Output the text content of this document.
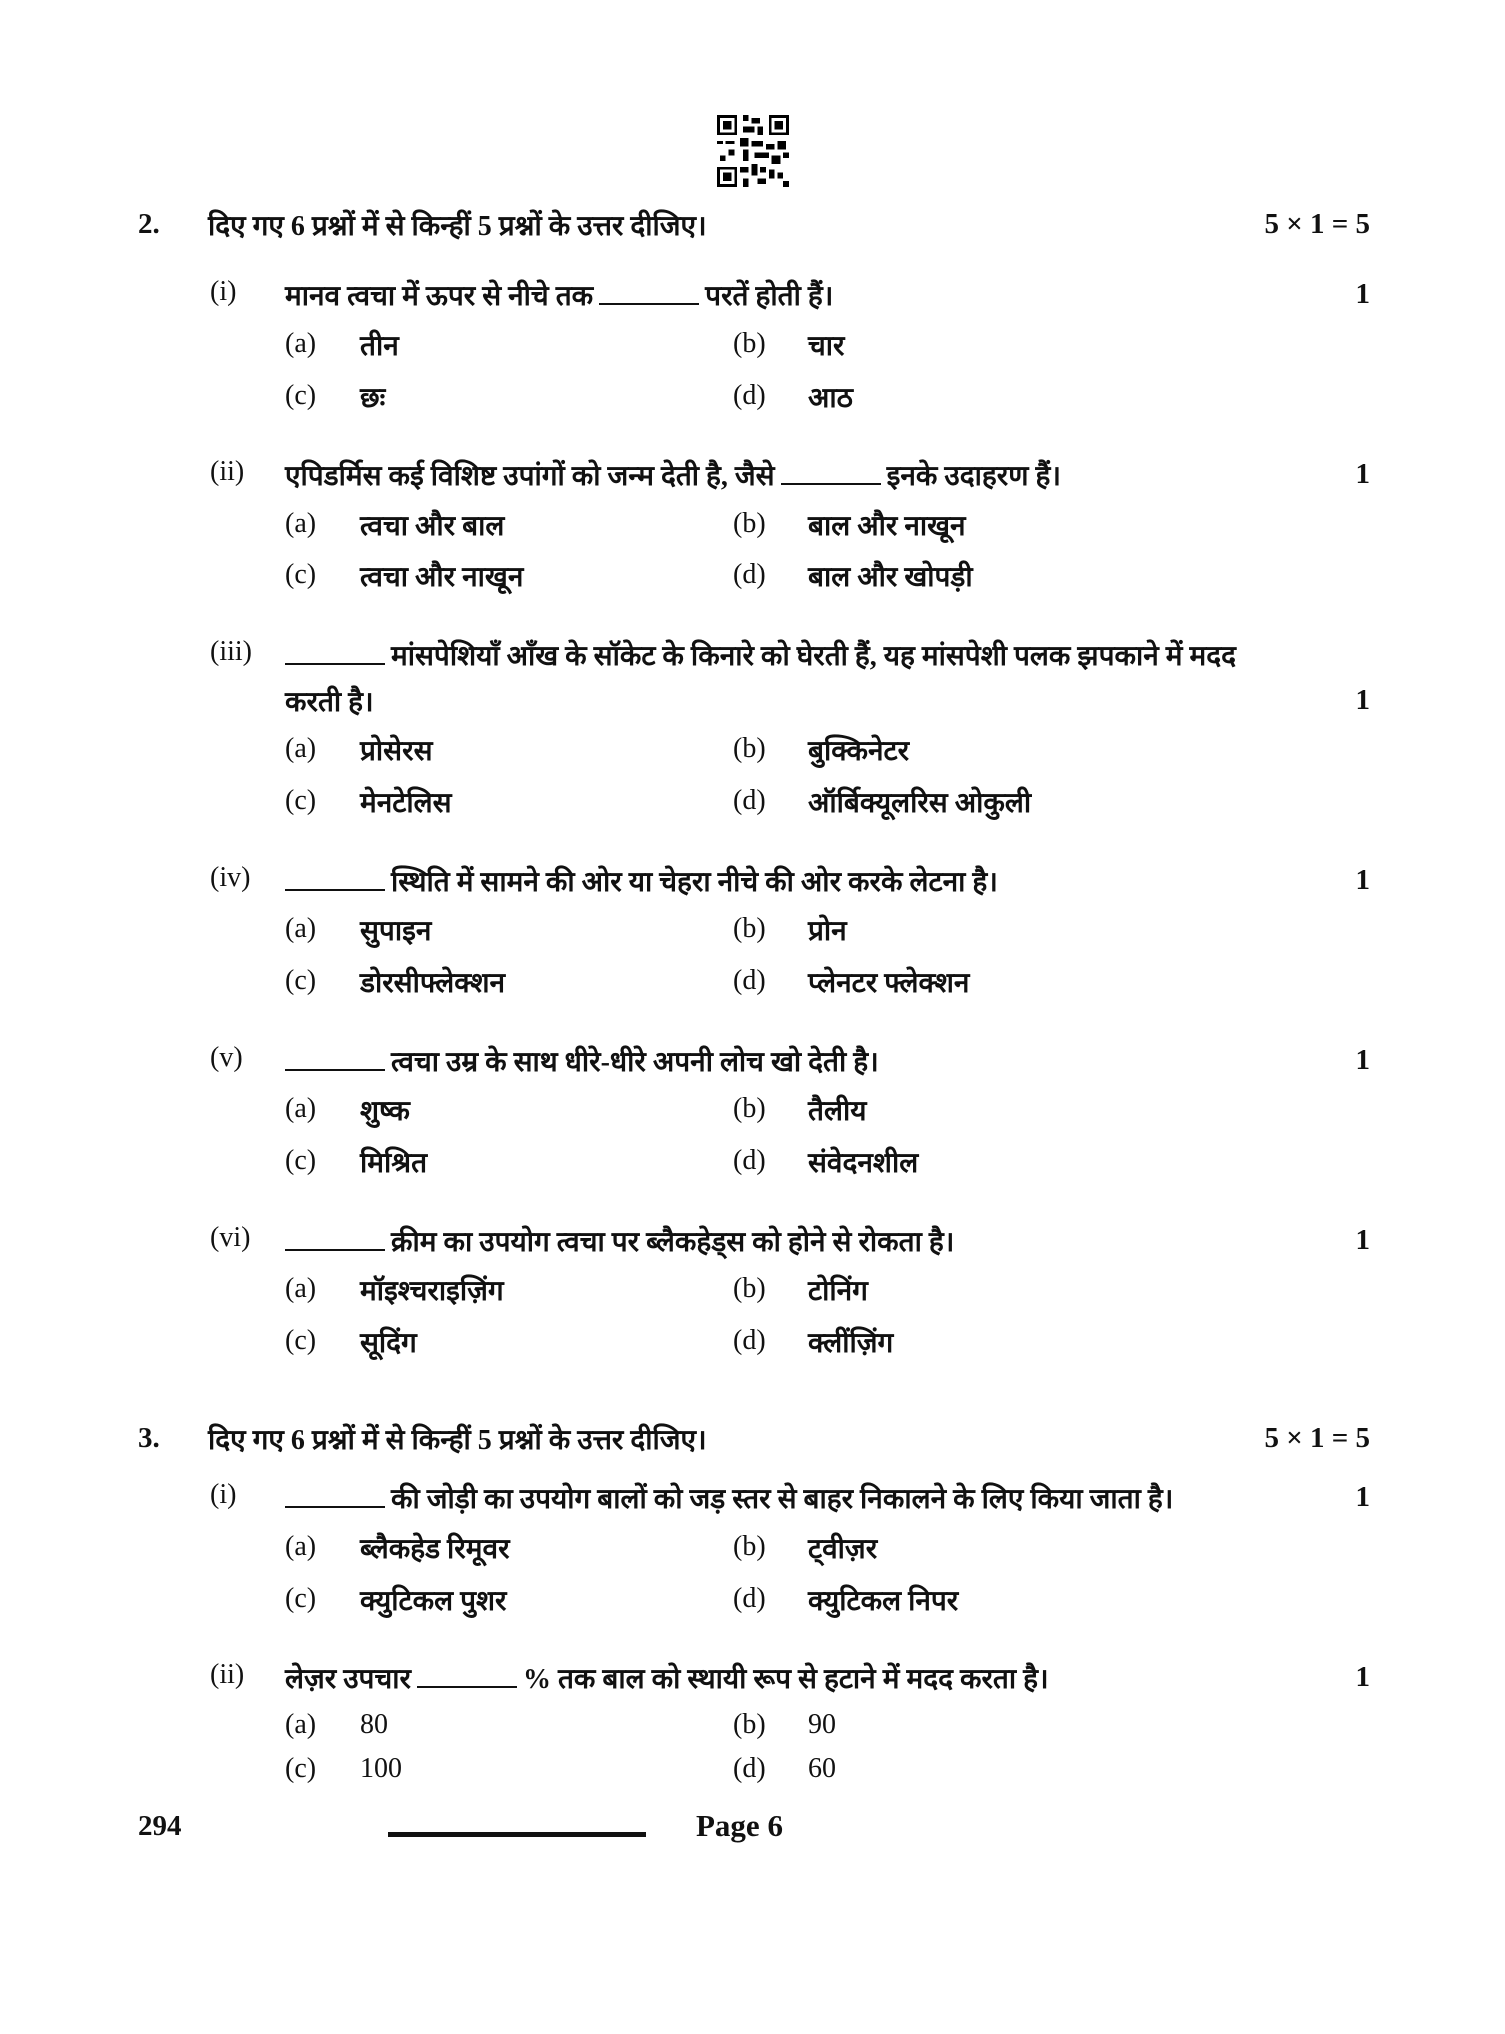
2. दिए गए 6 प्रश्नों में से किन्हीं 5 प्रश्नों के उत्तर दीजिए।	5 × 1 = 5
(i) मानव त्वचा में ऊपर से नीचे तक	परतें होती हैं।	1
(a) तीन	(b) चार
(c) छः	(d) आठ
(ii) एपिडर्मिस कई विशिष्ट उपांगों को जन्म देती है, जैसे	इनके उदाहरण हैं।	1
(a) त्वचा और बाल	(b) बाल और नाखून
(c) त्वचा और नाखून	(d) बाल और खोपड़ी
(iii)	मांसपेशियाँ आँख के सॉकेट के किनारे को घेरती हैं, यह मांसपेशी पलक झपकाने में मदद
करती है।	1
(a) प्रोसेरस	(b) बुक्किनेटर
(c) मेनटेलिस	(d) ऑर्बिक्यूलरिस ओकुली
(iv)	स्थिति में सामने की ओर या चेहरा नीचे की ओर करके लेटना है।	1
(a) सुपाइन	(b) प्रोन
(c) डोरसीफ्लेक्शन	(d) प्लेनटर फ्लेक्शन
(v)	त्वचा उम्र के साथ धीरे-धीरे अपनी लोच खो देती है।	1
(a) शुष्क	(b) तैलीय
(c) मिश्रित	(d) संवेदनशील
(vi)	क्रीम का उपयोग त्वचा पर ब्लैकहेड्स को होने से रोकता है।	1
(a) मॉइश्चराइज़िंग	(b) टोनिंग
(c) सूदिंग	(d) क्लींज़िंग
3. दिए गए 6 प्रश्नों में से किन्हीं 5 प्रश्नों के उत्तर दीजिए।	5 × 1 = 5
(i)	की जोड़ी का उपयोग बालों को जड़ स्तर से बाहर निकालने के लिए किया जाता है।	1
(a) ब्लैकहेड रिमूवर	(b) ट्वीज़र
(c) क्युटिकल पुशर	(d) क्युटिकल निपर
(ii) लेज़र उपचार	% तक बाल को स्थायी रूप से हटाने में मदद करता है।	1
(a) 80	(b) 90
(c) 100	(d) 60
294	Page 6
